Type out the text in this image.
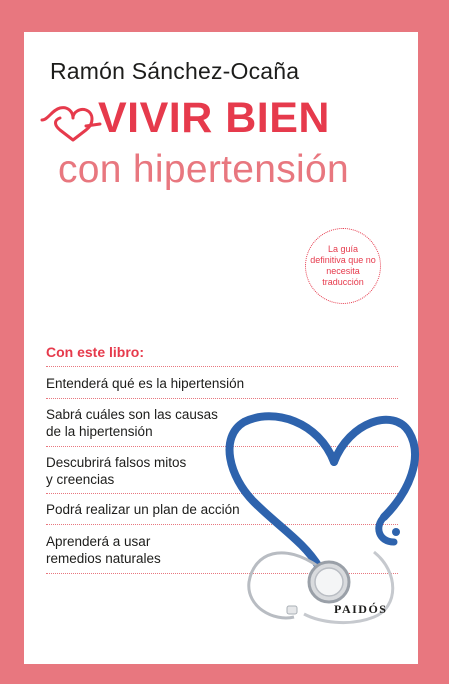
Ramón Sánchez-Ocaña
VIVIR BIEN
con hipertensión
La guía definitiva que no necesita traducción
Con este libro:
Entenderá qué es la hipertensión
Sabrá cuáles son las causas
de la hipertensión
Descubrirá falsos mitos
y creencias
Podrá realizar un plan de acción
Aprenderá a usar
remedios naturales
PAIDÓS
